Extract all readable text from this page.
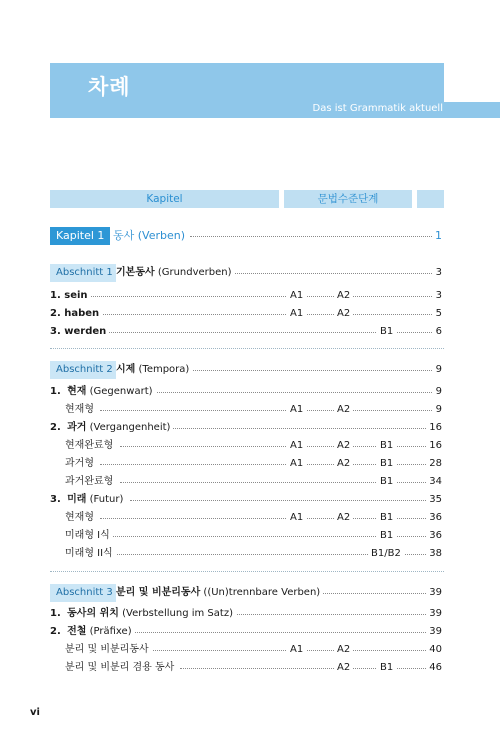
차례
Das ist Grammatik aktuell
Kapitel	문법수준단계
Kapitel 1 동사 (Verben)	1
Abschnitt 1 기본동사 (Grundverben)	3
1. sein	A1	A2	3
2. haben	A1	A2	5
3. werden	B1	6
Abschnitt 2 시제 (Tempora)	9
1. 현재 (Gegenwart)	9
현재형	A1	A2	9
2. 과거 (Vergangenheit)	16
현재완료형	A1	A2	B1	16
과거형	A1	A2	B1	28
과거완료형	B1	34
3. 미래 (Futur)	35
현재형	A1	A2	B1	36
미래형 I식	B1	36
미래형 II식	B1/B2	38
Abschnitt 3 분리 및 비분리동사 ((Un)trennbare Verben)	39
1. 동사의 위치 (Verbstellung im Satz)	39
2. 전철 (Präfixe)	39
분리 및 비분리동사	A1	A2	40
분리 및 비분리 겸용 동사	A2	B1	46
vi
